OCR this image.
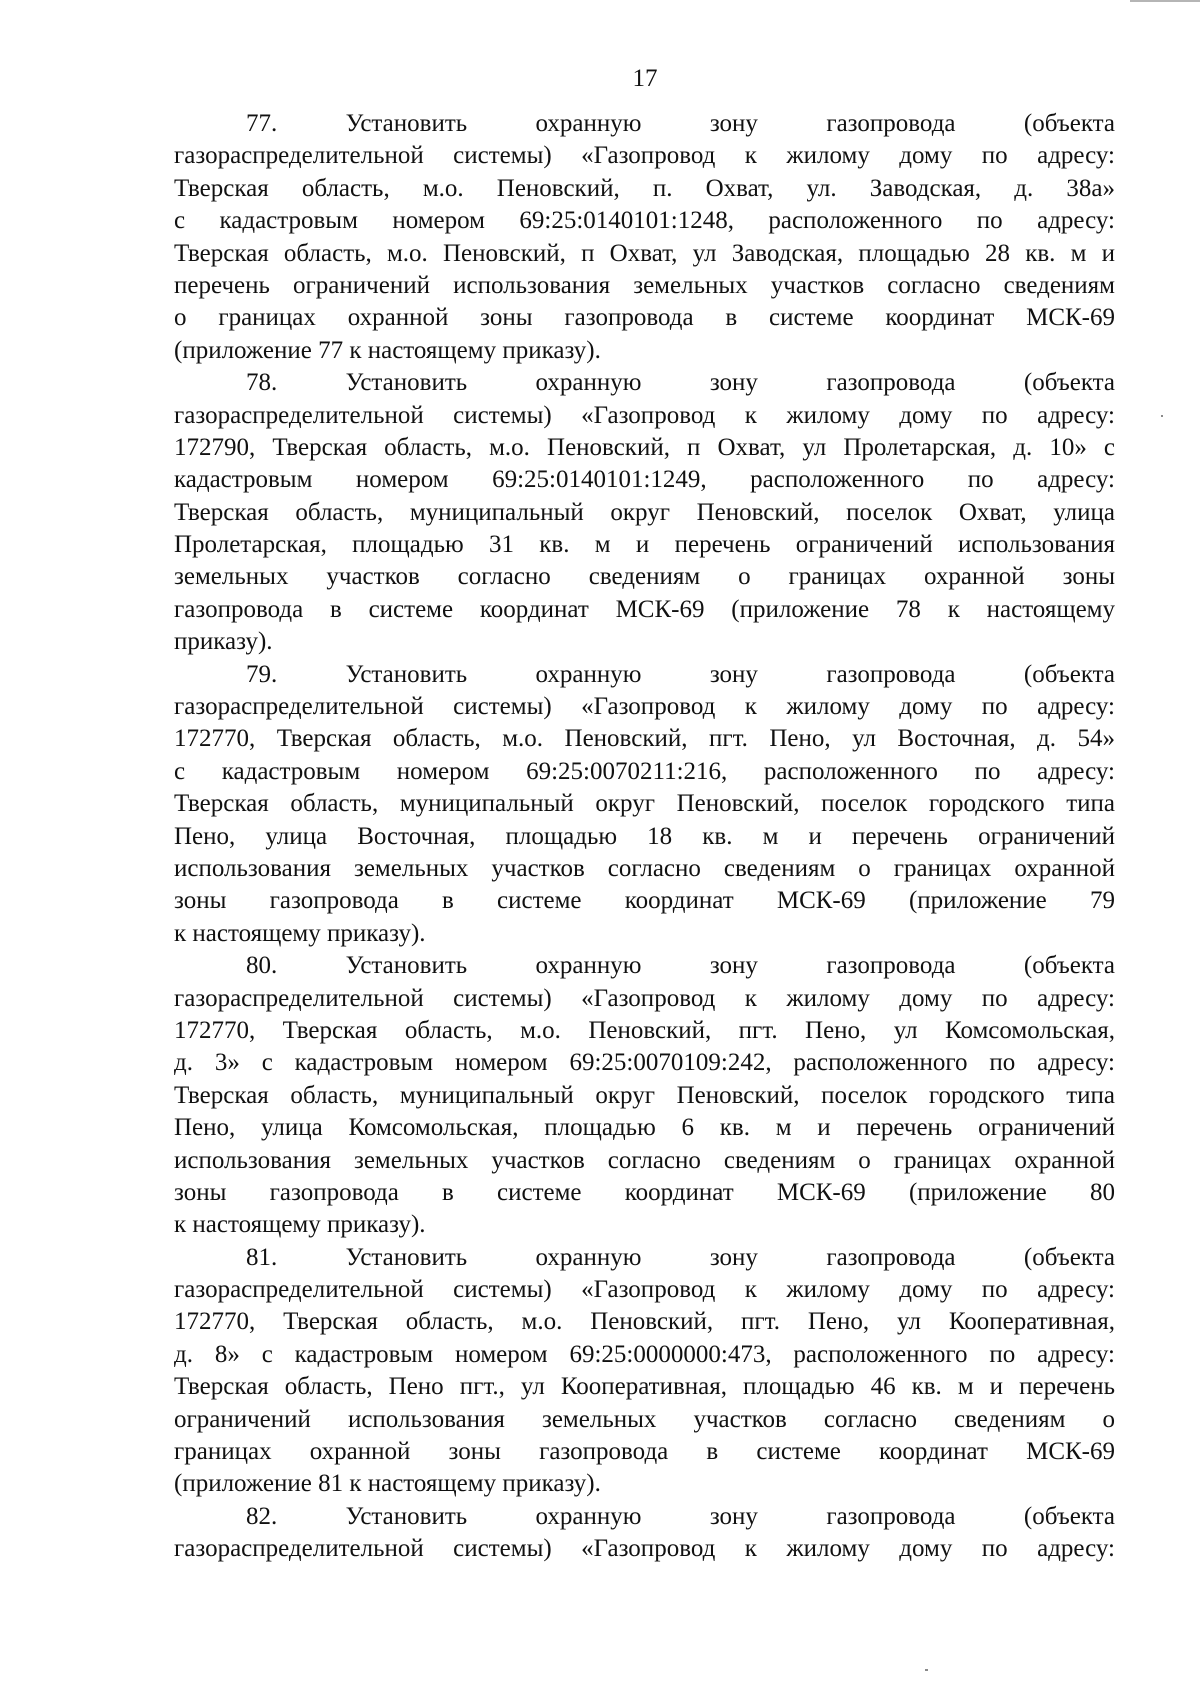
17
77. Установить охранную зону газопровода (объекта
газораспределительной системы) «Газопровод к жилому дому по адресу:
Тверская область, м.о. Пеновский, п. Охват, ул. Заводская, д. 38а»
с кадастровым номером 69:25:0140101:1248, расположенного по адресу:
Тверская область, м.о. Пеновский, п Охват, ул Заводская, площадью 28 кв. м и
перечень ограничений использования земельных участков согласно сведениям
о границах охранной зоны газопровода в системе координат МСК-69
(приложение 77 к настоящему приказу).
78. Установить охранную зону газопровода (объекта
газораспределительной системы) «Газопровод к жилому дому по адресу:
172790, Тверская область, м.о. Пеновский, п Охват, ул Пролетарская, д. 10» с
кадастровым номером 69:25:0140101:1249, расположенного по адресу:
Тверская область, муниципальный округ Пеновский, поселок Охват, улица
Пролетарская, площадью 31 кв. м и перечень ограничений использования
земельных участков согласно сведениям о границах охранной зоны
газопровода в системе координат МСК-69 (приложение 78 к настоящему
приказу).
79. Установить охранную зону газопровода (объекта
газораспределительной системы) «Газопровод к жилому дому по адресу:
172770, Тверская область, м.о. Пеновский, пгт. Пено, ул Восточная, д. 54»
с кадастровым номером 69:25:0070211:216, расположенного по адресу:
Тверская область, муниципальный округ Пеновский, поселок городского типа
Пено, улица Восточная, площадью 18 кв. м и перечень ограничений
использования земельных участков согласно сведениям о границах охранной
зоны газопровода в системе координат МСК-69 (приложение 79
к настоящему приказу).
80. Установить охранную зону газопровода (объекта
газораспределительной системы) «Газопровод к жилому дому по адресу:
172770, Тверская область, м.о. Пеновский, пгт. Пено, ул Комсомольская,
д. 3» с кадастровым номером 69:25:0070109:242, расположенного по адресу:
Тверская область, муниципальный округ Пеновский, поселок городского типа
Пено, улица Комсомольская, площадью 6 кв. м и перечень ограничений
использования земельных участков согласно сведениям о границах охранной
зоны газопровода в системе координат МСК-69 (приложение 80
к настоящему приказу).
81. Установить охранную зону газопровода (объекта
газораспределительной системы) «Газопровод к жилому дому по адресу:
172770, Тверская область, м.о. Пеновский, пгт. Пено, ул Кооперативная,
д. 8» с кадастровым номером 69:25:0000000:473, расположенного по адресу:
Тверская область, Пено пгт., ул Кооперативная, площадью 46 кв. м и перечень
ограничений использования земельных участков согласно сведениям о
границах охранной зоны газопровода в системе координат МСК-69
(приложение 81 к настоящему приказу).
82. Установить охранную зону газопровода (объекта
газораспределительной системы) «Газопровод к жилому дому по адресу:
